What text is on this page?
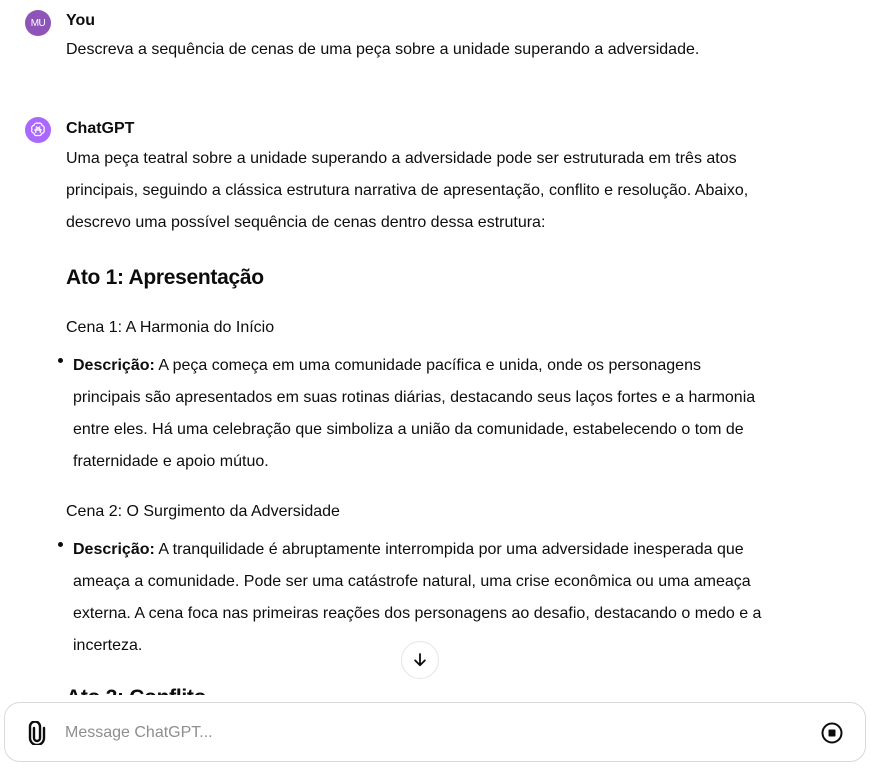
MU You
Descreva a sequência de cenas de uma peça sobre a unidade superando a adversidade.
ChatGPT
Uma peça teatral sobre a unidade superando a adversidade pode ser estruturada em três atos
principais, seguindo a clássica estrutura narrativa de apresentação, conflito e resolução. Abaixo,
descrevo uma possível sequência de cenas dentro dessa estrutura:
Ato 1: Apresentação
Cena 1: A Harmonia do Início
Descrição: A peça começa em uma comunidade pacífica e unida, onde os personagens
principais são apresentados em suas rotinas diárias, destacando seus laços fortes e a harmonia
entre eles. Há uma celebração que simboliza a união da comunidade, estabelecendo o tom de
fraternidade e apoio mútuo.
Cena 2: O Surgimento da Adversidade
Descrição: A tranquilidade é abruptamente interrompida por uma adversidade inesperada que
ameaça a comunidade. Pode ser uma catástrofe natural, uma crise econômica ou uma ameaça
externa. A cena foca nas primeiras reações dos personagens ao desafio, destacando o medo e a
incerteza.
Message ChatGPT...
